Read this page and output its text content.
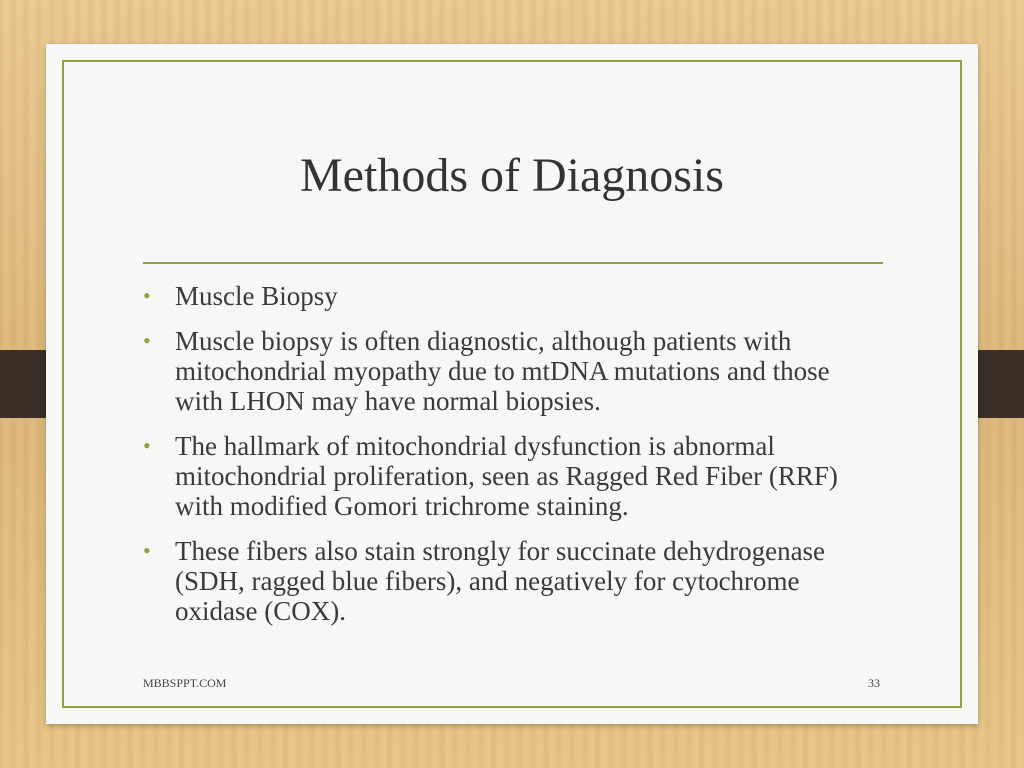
Methods of Diagnosis
• Muscle Biopsy
• Muscle biopsy is often diagnostic, although patients with mitochondrial myopathy due to mtDNA mutations and those with LHON may have normal biopsies.
• The hallmark of mitochondrial dysfunction is abnormal mitochondrial proliferation, seen as Ragged Red Fiber (RRF) with modified Gomori trichrome staining.
• These fibers also stain strongly for succinate dehydrogenase (SDH, ragged blue fibers), and negatively for cytochrome oxidase (COX).
MBBSPPT.COM	33
